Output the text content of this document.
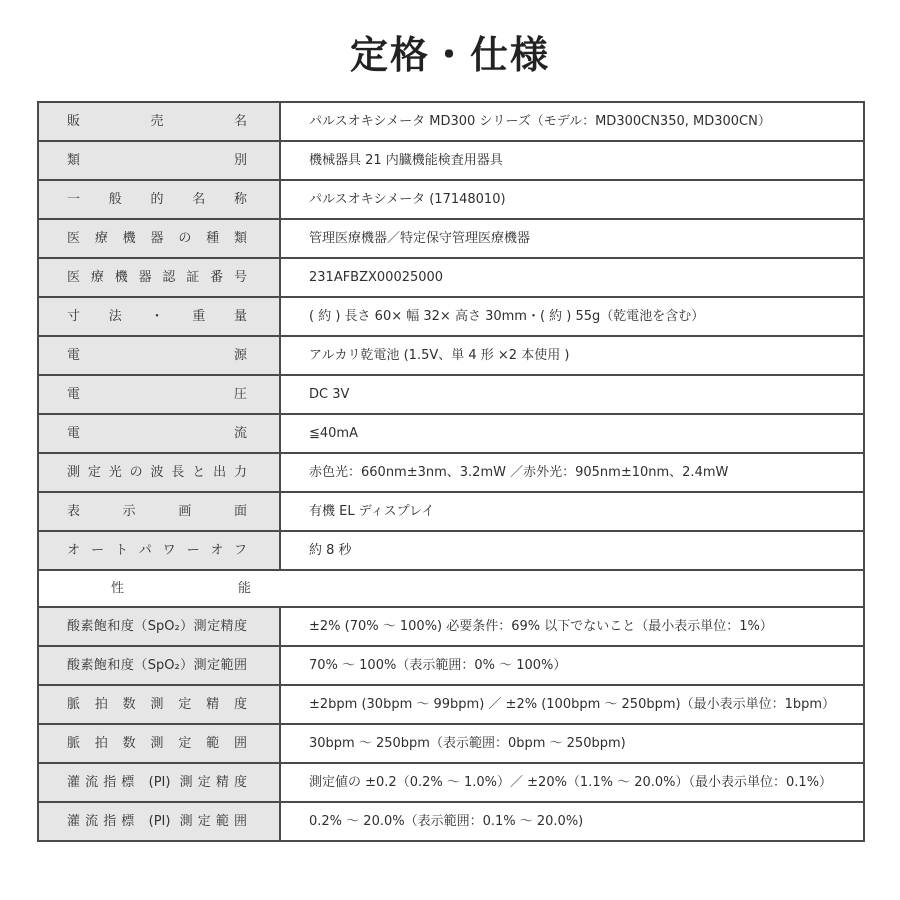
定格・仕様
販売名	パルスオキシメータ MD300 シリーズ（モデル：MD300CN350, MD300CN）
類別	機械器具 21 内臓機能検査用器具
一般的名称	パルスオキシメータ (17148010)
医療機器の種類	管理医療機器／特定保守管理医療機器
医療機器認証番号	231AFBZX00025000
寸法・重量	( 約 ) 長さ 60× 幅 32× 高さ 30mm・( 約 ) 55g（乾電池を含む）
電源	アルカリ乾電池 (1.5V、単 4 形 ×2 本使用 )
電圧	DC 3V
電流	≦40mA
測定光の波長と出力	赤色光：660nm±3nm、3.2mW ／赤外光：905nm±10nm、2.4mW
表示画面	有機 EL ディスプレイ
オートパワーオフ	約 8 秒
性能	
酸素飽和度（SpO₂）測定精度	±2% (70% ～ 100%) 必要条件：69% 以下でないこと（最小表示単位：1%）
酸素飽和度（SpO₂）測定範囲	70% ～ 100%（表示範囲：0% ～ 100%）
脈拍数測定精度	±2bpm (30bpm ～ 99bpm) ／ ±2% (100bpm ～ 250bpm)（最小表示単位：1bpm）
脈拍数測定範囲	30bpm ～ 250bpm（表示範囲：0bpm ～ 250bpm)
灌流指標 (PI) 測定精度	測定値の ±0.2（0.2% ～ 1.0%）／ ±20%（1.1% ～ 20.0%）（最小表示単位：0.1%）
灌流指標 (PI) 測定範囲	0.2% ～ 20.0%（表示範囲：0.1% ～ 20.0%)
